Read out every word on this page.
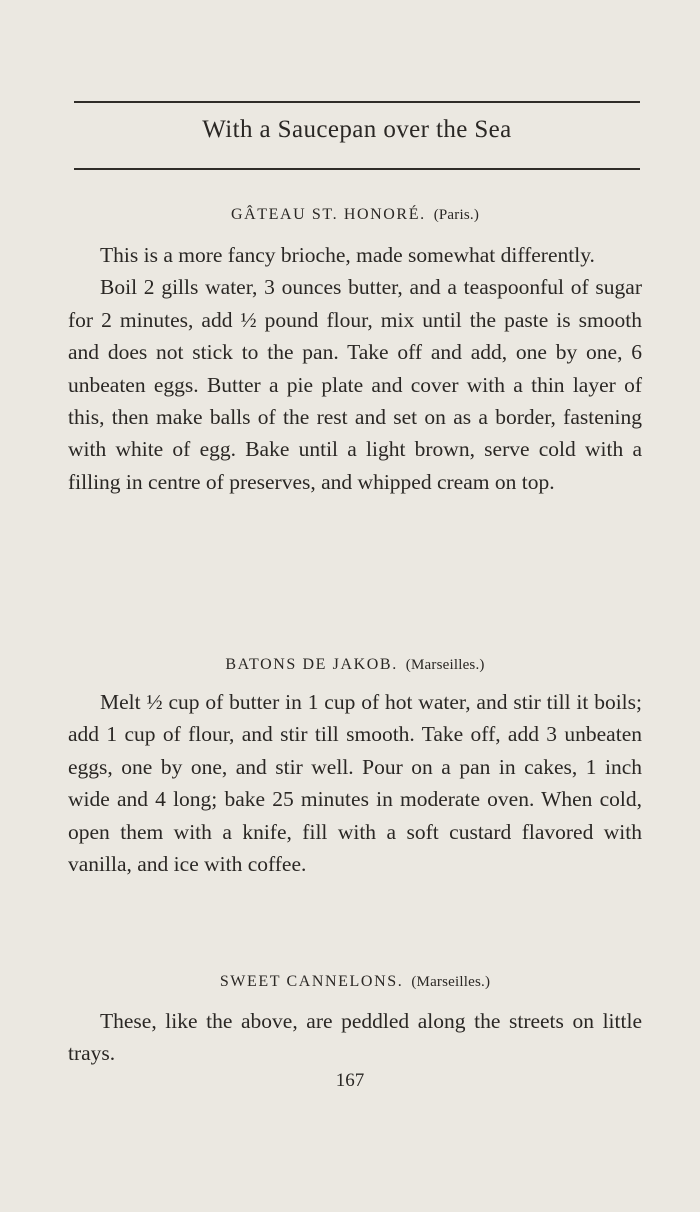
With a Saucepan over the Sea
GÂTEAU ST. HONORÉ. (Paris.)

This is a more fancy brioche, made somewhat differently.

Boil 2 gills water, 3 ounces butter, and a teaspoonful of sugar for 2 minutes, add ½ pound flour, mix until the paste is smooth and does not stick to the pan. Take off and add, one by one, 6 unbeaten eggs. Butter a pie plate and cover with a thin layer of this, then make balls of the rest and set on as a border, fastening with white of egg. Bake until a light brown, serve cold with a filling in centre of preserves, and whipped cream on top.

BATONS DE JAKOB. (Marseilles.)

Melt ½ cup of butter in 1 cup of hot water, and stir till it boils; add 1 cup of flour, and stir till smooth. Take off, add 3 unbeaten eggs, one by one, and stir well. Pour on a pan in cakes, 1 inch wide and 4 long; bake 25 minutes in moderate oven. When cold, open them with a knife, fill with a soft custard flavored with vanilla, and ice with coffee.

SWEET CANNELONS. (Marseilles.)

These, like the above, are peddled along the streets on little trays.

167
